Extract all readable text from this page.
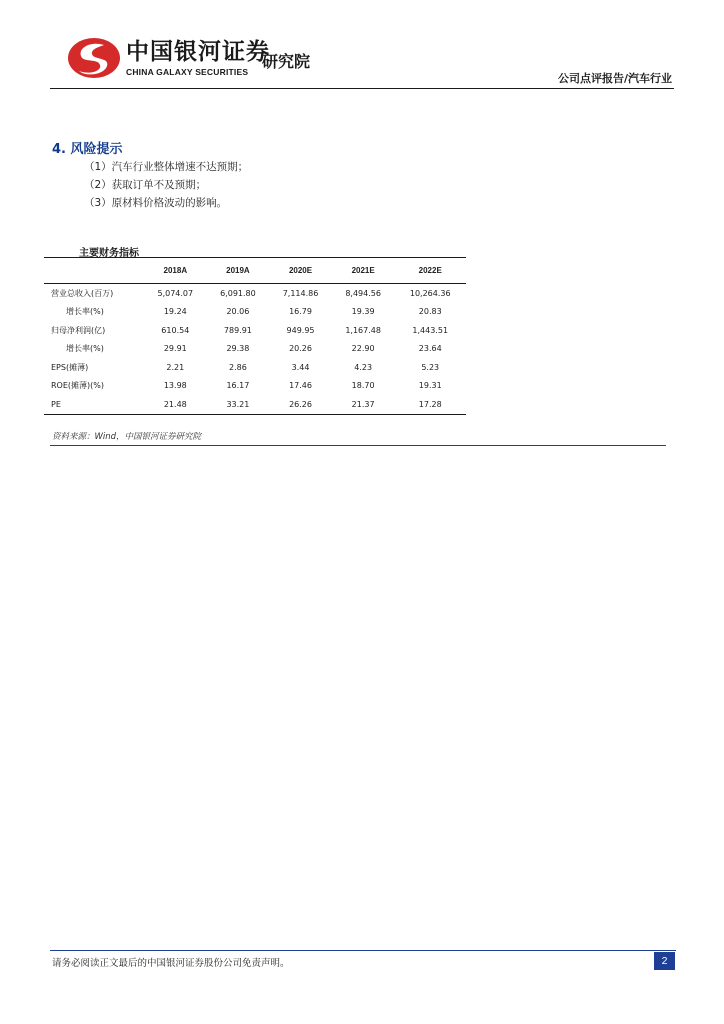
中国银河证券
CHINA GALAXY SECURITIES
研究院
公司点评报告/汽车行业
4. 风险提示
（1）汽车行业整体增速不达预期；
（2）获取订单不及预期；
（3）原材料价格波动的影响。
主要财务指标
	2018A	2019A	2020E	2021E	2022E
营业总收入(百万)	5,074.07	6,091.80	7,114.86	8,494.56	10,264.36
增长率(%)	19.24	20.06	16.79	19.39	20.83
归母净利润(亿)	610.54	789.91	949.95	1,167.48	1,443.51
增长率(%)	29.91	29.38	20.26	22.90	23.64
EPS(摊薄)	2.21	2.86	3.44	4.23	5.23
ROE(摊薄)(%)	13.98	16.17	17.46	18.70	19.31
PE	21.48	33.21	26.26	21.37	17.28
资料来源：Wind，中国银河证券研究院
请务必阅读正文最后的中国银河证券股份公司免责声明。	2
